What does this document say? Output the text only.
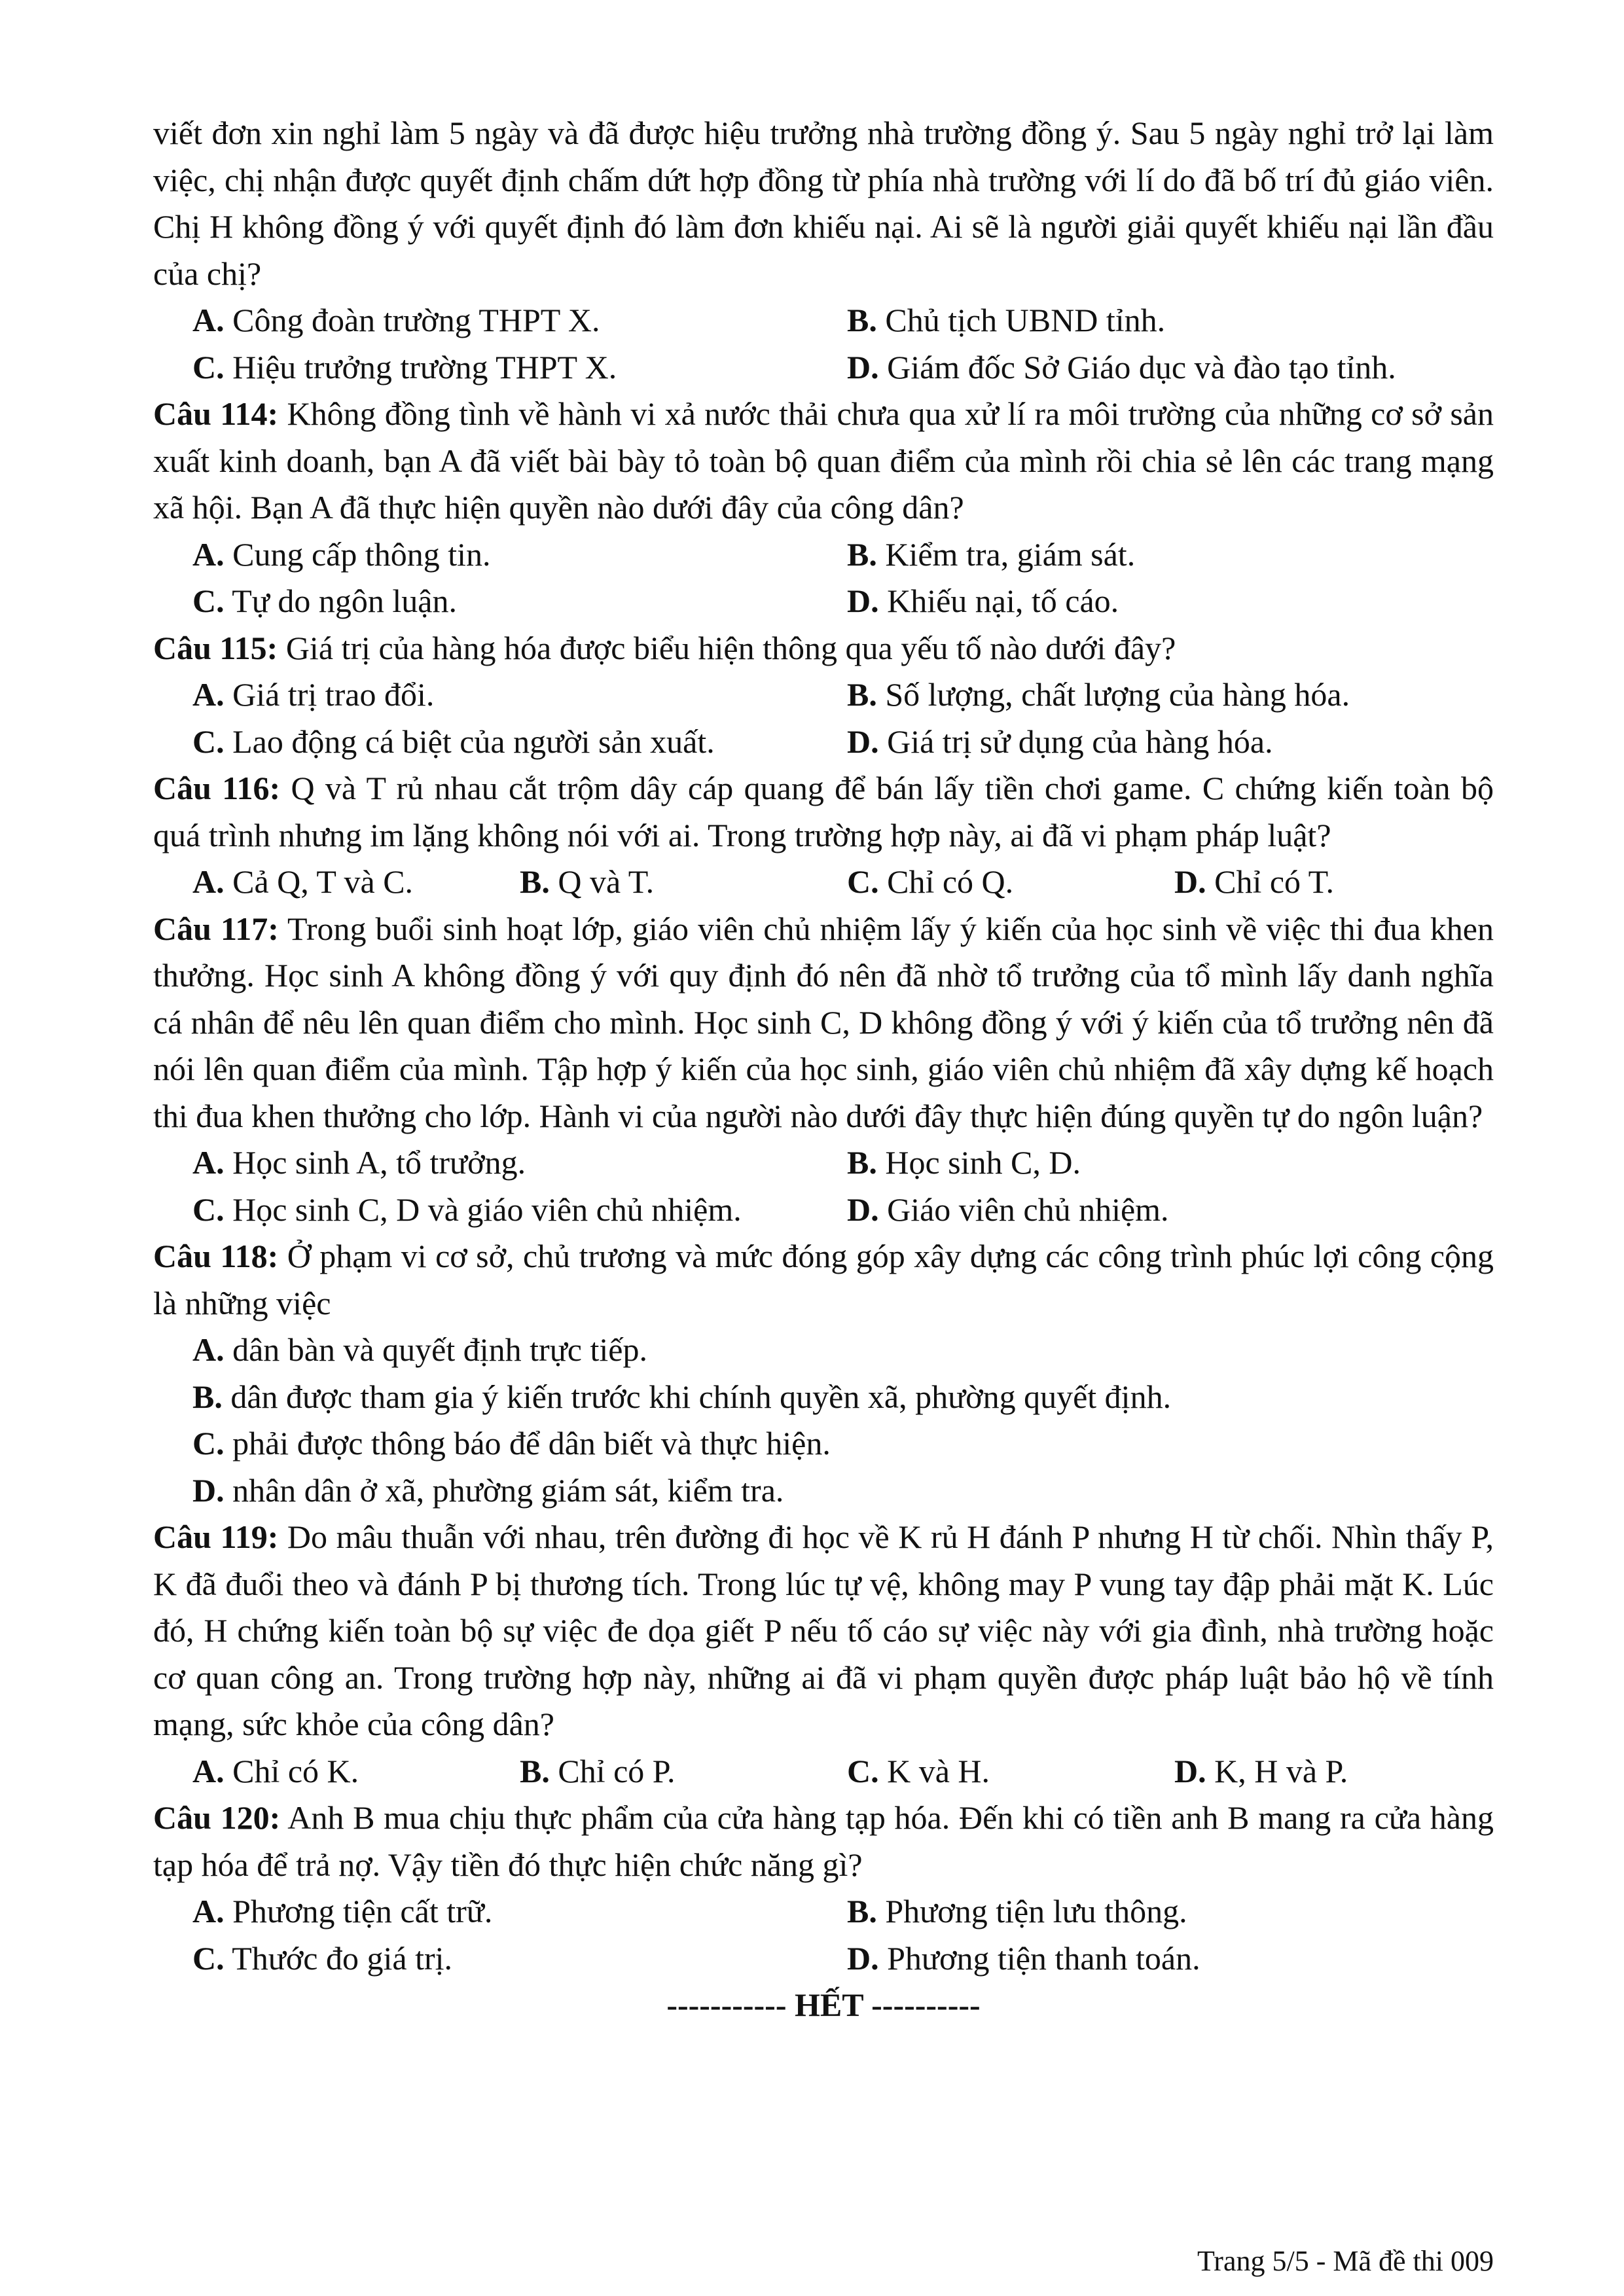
viết đơn xin nghỉ làm 5 ngày và đã được hiệu trưởng nhà trường đồng ý. Sau 5 ngày nghỉ trở lại làm việc, chị nhận được quyết định chấm dứt hợp đồng từ phía nhà trường với lí do đã bố trí đủ giáo viên. Chị H không đồng ý với quyết định đó làm đơn khiếu nại. Ai sẽ là người giải quyết khiếu nại lần đầu của chị?

A. Công đoàn trường THPT X.	B. Chủ tịch UBND tỉnh.
C. Hiệu trưởng trường THPT X.	D. Giám đốc Sở Giáo dục và đào tạo tỉnh.

Câu 114: Không đồng tình về hành vi xả nước thải chưa qua xử lí ra môi trường của những cơ sở sản xuất kinh doanh, bạn A đã viết bài bày tỏ toàn bộ quan điểm của mình rồi chia sẻ lên các trang mạng xã hội. Bạn A đã thực hiện quyền nào dưới đây của công dân?

A. Cung cấp thông tin.	B. Kiểm tra, giám sát.
C. Tự do ngôn luận.	D. Khiếu nại, tố cáo.

Câu 115: Giá trị của hàng hóa được biểu hiện thông qua yếu tố nào dưới đây?

A. Giá trị trao đổi.	B. Số lượng, chất lượng của hàng hóa.
C. Lao động cá biệt của người sản xuất.	D. Giá trị sử dụng của hàng hóa.

Câu 116: Q và T rủ nhau cắt trộm dây cáp quang để bán lấy tiền chơi game. C chứng kiến toàn bộ quá trình nhưng im lặng không nói với ai. Trong trường hợp này, ai đã vi phạm pháp luật?

A. Cả Q, T và C.	B. Q và T.	C. Chỉ có Q.	D. Chỉ có T.

Câu 117: Trong buổi sinh hoạt lớp, giáo viên chủ nhiệm lấy ý kiến của học sinh về việc thi đua khen thưởng. Học sinh A không đồng ý với quy định đó nên đã nhờ tổ trưởng của tổ mình lấy danh nghĩa cá nhân để nêu lên quan điểm cho mình. Học sinh C, D không đồng ý với ý kiến của tổ trưởng nên đã nói lên quan điểm của mình. Tập hợp ý kiến của học sinh, giáo viên chủ nhiệm đã xây dựng kế hoạch thi đua khen thưởng cho lớp. Hành vi của người nào dưới đây thực hiện đúng quyền tự do ngôn luận?

A. Học sinh A, tổ trưởng.	B. Học sinh C, D.
C. Học sinh C, D và giáo viên chủ nhiệm.	D. Giáo viên chủ nhiệm.

Câu 118: Ở phạm vi cơ sở, chủ trương và mức đóng góp xây dựng các công trình phúc lợi công cộng là những việc

A. dân bàn và quyết định trực tiếp.
B. dân được tham gia ý kiến trước khi chính quyền xã, phường quyết định.
C. phải được thông báo để dân biết và thực hiện.
D. nhân dân ở xã, phường giám sát, kiểm tra.

Câu 119: Do mâu thuẫn với nhau, trên đường đi học về K rủ H đánh P nhưng H từ chối. Nhìn thấy P, K đã đuổi theo và đánh P bị thương tích. Trong lúc tự vệ, không may P vung tay đập phải mặt K. Lúc đó, H chứng kiến toàn bộ sự việc đe dọa giết P nếu tố cáo sự việc này với gia đình, nhà trường hoặc cơ quan công an. Trong trường hợp này, những ai đã vi phạm quyền được pháp luật bảo hộ về tính mạng, sức khỏe của công dân?

A. Chỉ có K.	B. Chỉ có P.	C. K và H.	D. K, H và P.

Câu 120: Anh B mua chịu thực phẩm của cửa hàng tạp hóa. Đến khi có tiền anh B mang ra cửa hàng tạp hóa để trả nợ. Vậy tiền đó thực hiện chức năng gì?

A. Phương tiện cất trữ.	B. Phương tiện lưu thông.
C. Thước đo giá trị.	D. Phương tiện thanh toán.

----------- HẾT ----------

Trang 5/5 - Mã đề thi 009
